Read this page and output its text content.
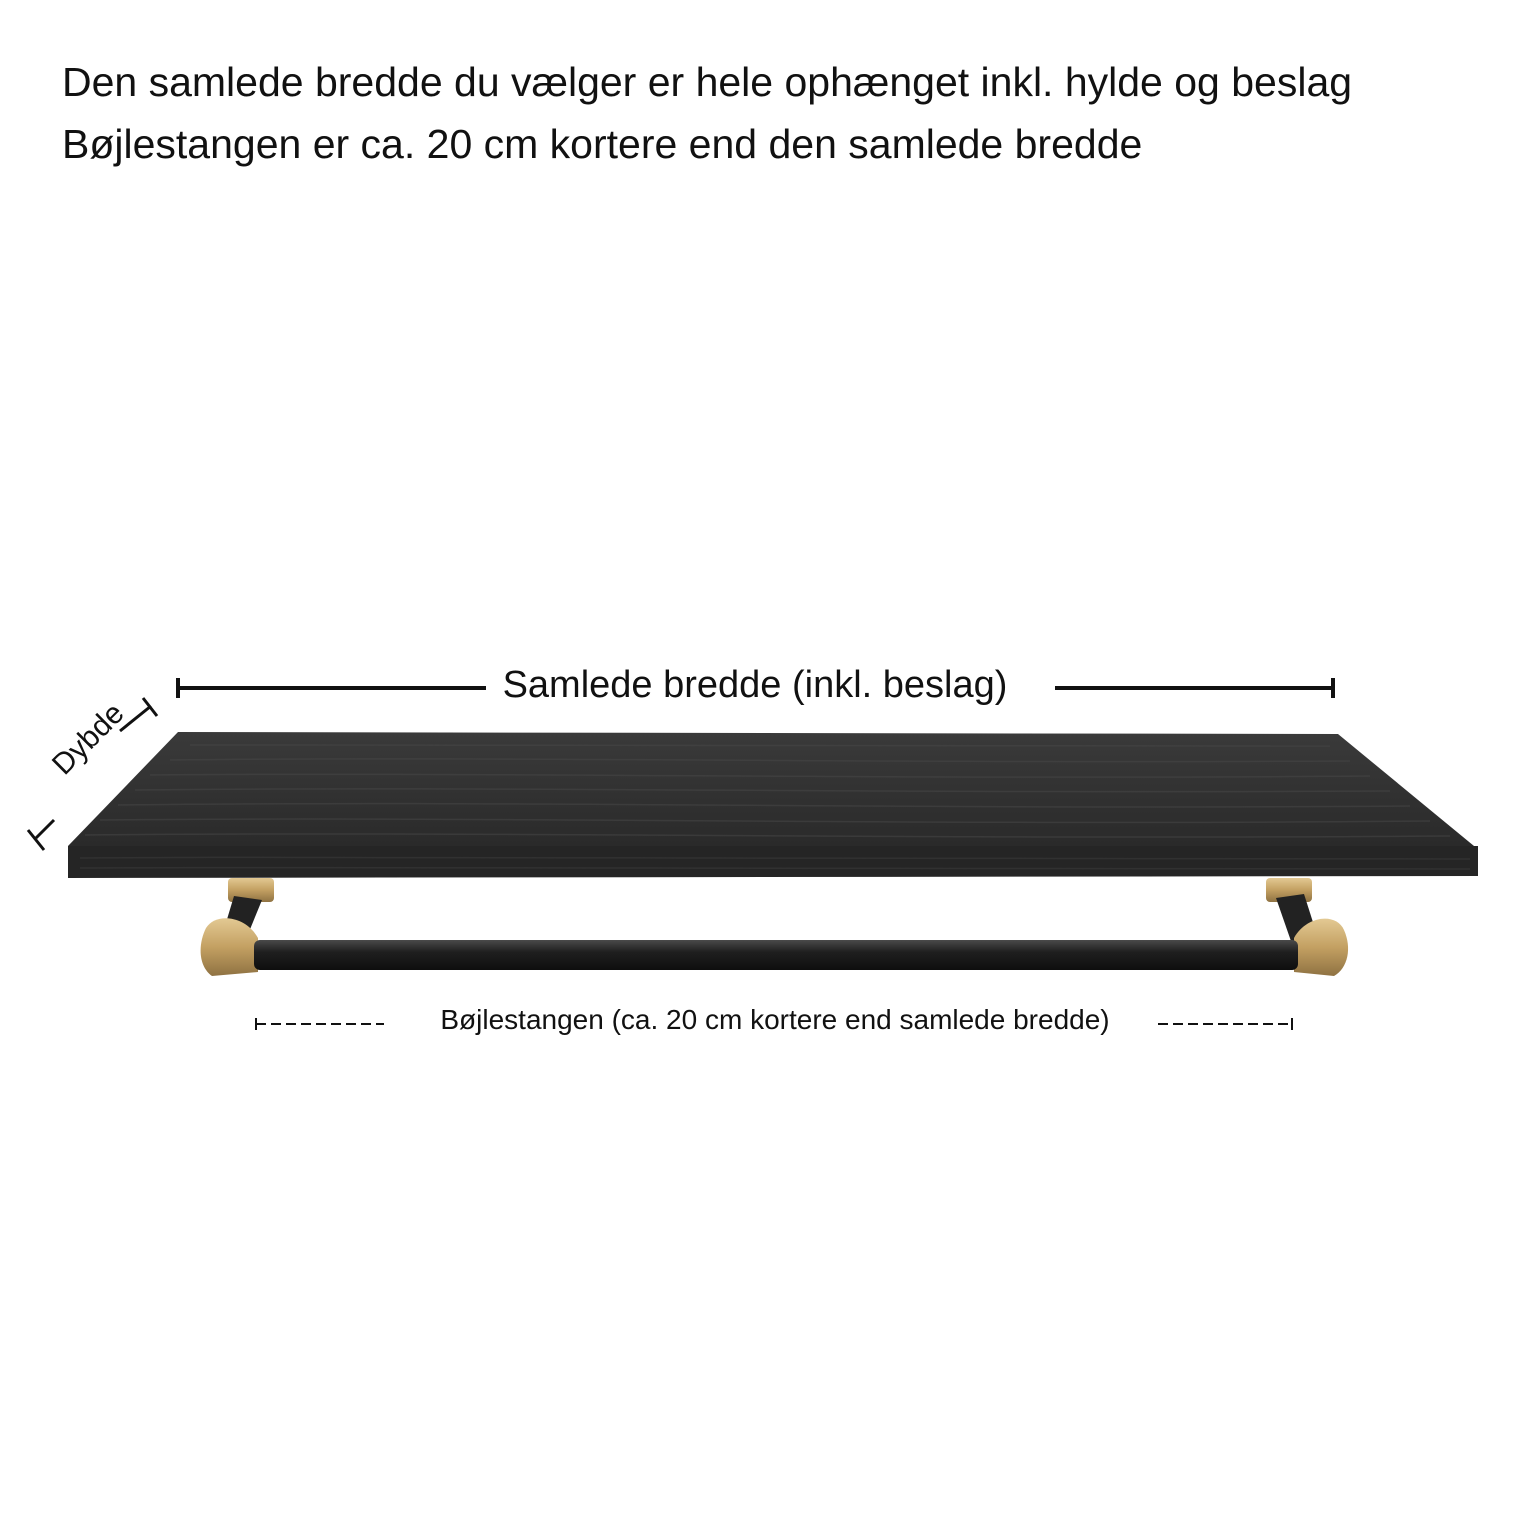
Den samlede bredde du vælger er hele ophænget inkl. hylde og beslag
Bøjlestangen er ca. 20 cm kortere end den samlede bredde
Samlede bredde (inkl. beslag)
Bøjlestangen (ca. 20 cm kortere end samlede bredde)
Dybde
